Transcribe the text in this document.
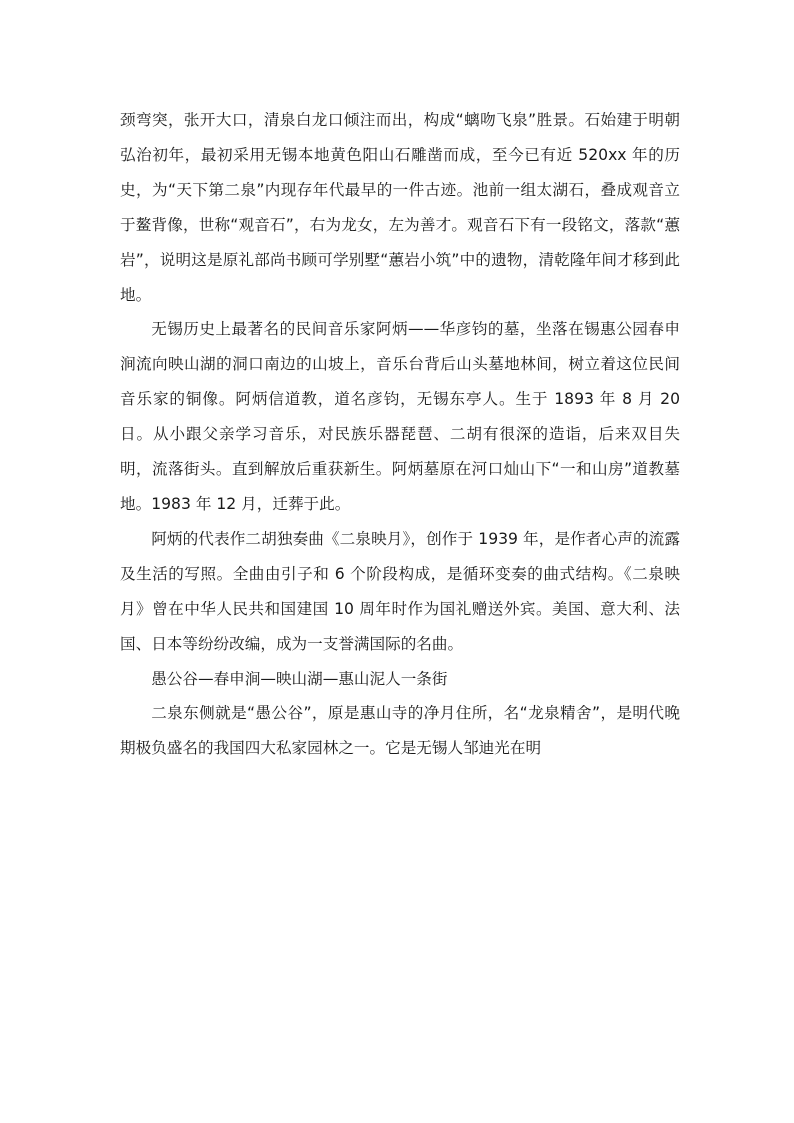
颈弯突，张开大口，清泉白龙口倾注而出，构成“螭吻飞泉”胜景。石始建于明朝弘治初年，最初采用无锡本地黄色阳山石雕凿而成，至今已有近 520xx 年的历史，为“天下第二泉”内现存年代最早的一件古迹。池前一组太湖石，叠成观音立于鳌背像，世称“观音石”，右为龙女，左为善才。观音石下有一段铭文，落款“蕙岩”，说明这是原礼部尚书顾可学别墅“蕙岩小筑”中的遗物，清乾隆年间才移到此地。

无锡历史上最著名的民间音乐家阿炳——华彦钧的墓，坐落在锡惠公园春申涧流向映山湖的洞口南边的山坡上，音乐台背后山头墓地林间，树立着这位民间音乐家的铜像。阿炳信道教，道名彦钧，无锡东亭人。生于 1893 年 8 月 20 日。从小跟父亲学习音乐，对民族乐器琵琶、二胡有很深的造诣，后来双目失明，流落街头。直到解放后重获新生。阿炳墓原在河口灿山下“一和山房”道教墓地。1983 年 12 月，迁葬于此。

阿炳的代表作二胡独奏曲《二泉映月》，创作于 1939 年，是作者心声的流露及生活的写照。全曲由引子和 6 个阶段构成，是循环变奏的曲式结构。《二泉映月》曾在中华人民共和国建国 10 周年时作为国礼赠送外宾。美国、意大利、法国、日本等纷纷改编，成为一支誉满国际的名曲。

愚公谷—春申涧—映山湖—惠山泥人一条街

二泉东侧就是“愚公谷”，原是惠山寺的净月住所，名“龙泉精舍”，是明代晚期极负盛名的我国四大私家园林之一。它是无锡人邹迪光在明
